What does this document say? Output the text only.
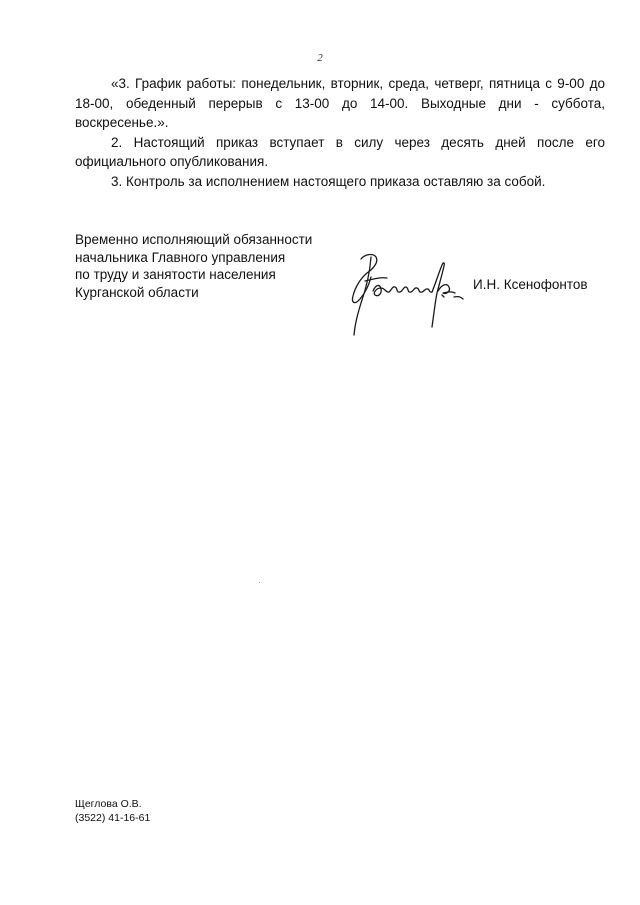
2

«3. График работы: понедельник, вторник, среда, четверг, пятница с 9-00 до 18-00, обеденный перерыв с 13-00 до 14-00. Выходные дни - суббота, воскресенье.».

2. Настоящий приказ вступает в силу через десять дней после его официального опубликования.

3. Контроль за исполнением настоящего приказа оставляю за собой.

Временно исполняющий обязанности
начальника Главного управления
по труду и занятости населения
Курганской области	И.Н. Ксенофонтов
Щеглова О.В.
(3522) 41-16-61
